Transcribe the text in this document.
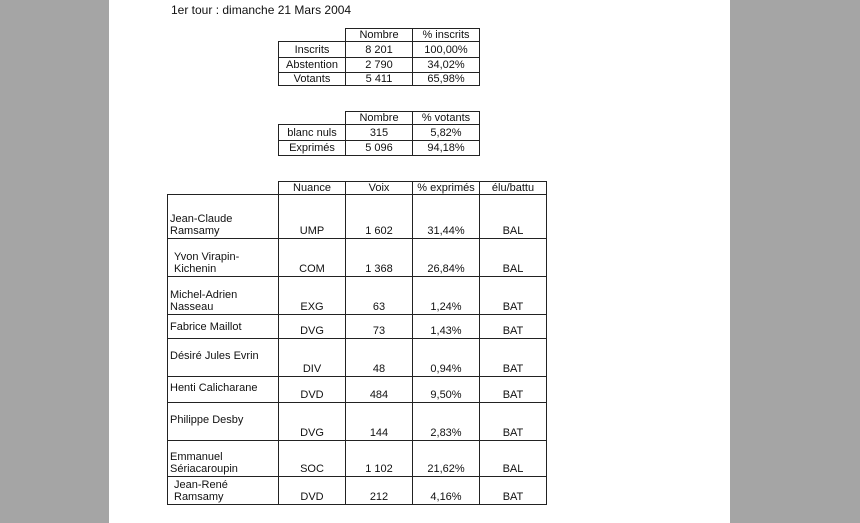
1er tour : dimanche 21 Mars 2004
	Nombre	% inscrits
Inscrits	8 201	100,00%
Abstention	2 790	34,02%
Votants	5 411	65,98%
	Nombre	% votants
blanc nuls	315	5,82%
Exprimés	5 096	94,18%
	Nuance	Voix	% exprimés	élu/battu
Jean-Claude Ramsamy	UMP	1 602	31,44%	BAL
Yvon Virapin-Kichenin	COM	1 368	26,84%	BAL
Michel-Adrien Nasseau	EXG	63	1,24%	BAT
Fabrice Maillot	DVG	73	1,43%	BAT
Désiré Jules Evrin	DIV	48	0,94%	BAT
Henti Calicharane	DVD	484	9,50%	BAT
Philippe Desby	DVG	144	2,83%	BAT
Emmanuel Sériacaroupin	SOC	1 102	21,62%	BAL
Jean-René Ramsamy	DVD	212	4,16%	BAT
